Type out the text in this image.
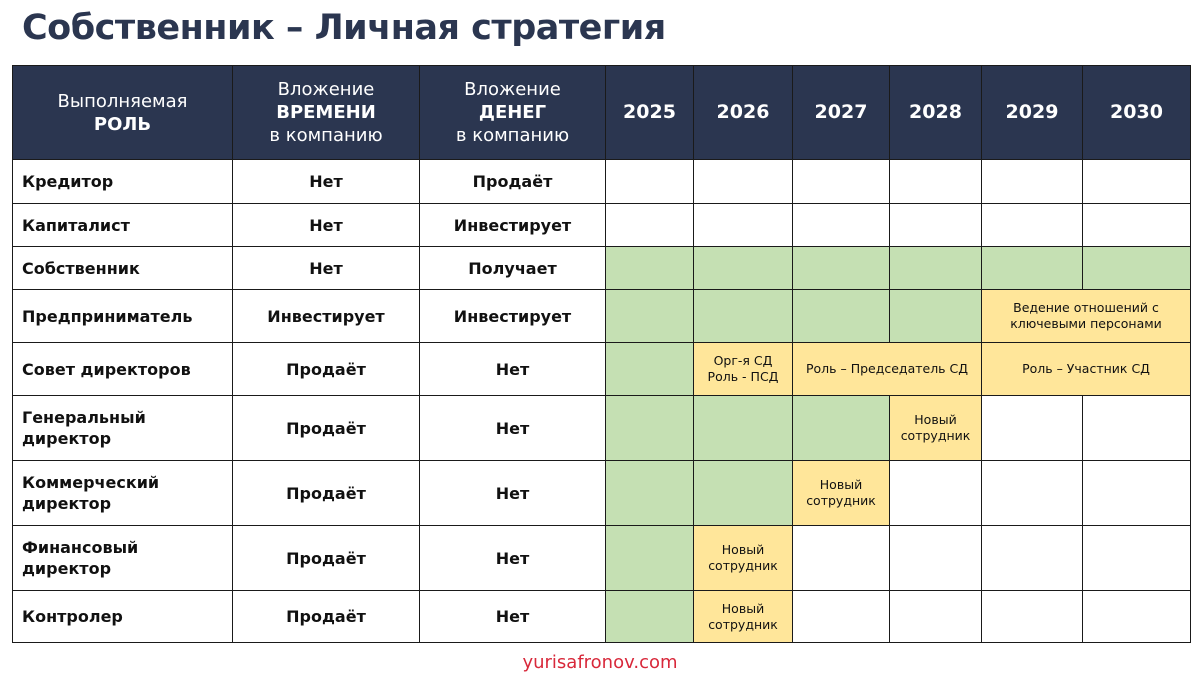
Собственник – Личная стратегия
Выполняемая
РОЛЬ	Вложение
ВРЕМЕНИ
в компанию	Вложение
ДЕНЕГ
в компанию	2025	2026	2027	2028	2029	2030
Кредитор	Нет	Продаёт						
Капиталист	Нет	Инвестирует						
Собственник	Нет	Получает						
Предприниматель	Инвестирует	Инвестирует					Ведение отношений с
ключевыми персонами	
Совет директоров	Продаёт	Нет		Орг-я СД
Роль - ПСД	Роль – Председатель СД		Роль – Участник СД	
Генеральный директор	Продаёт	Нет				Новый
сотрудник		
Коммерческий директор	Продаёт	Нет			Новый
сотрудник			
Финансовый директор	Продаёт	Нет		Новый
сотрудник				
Контролер	Продаёт	Нет		Новый
сотрудник				
yurisafronov.com
